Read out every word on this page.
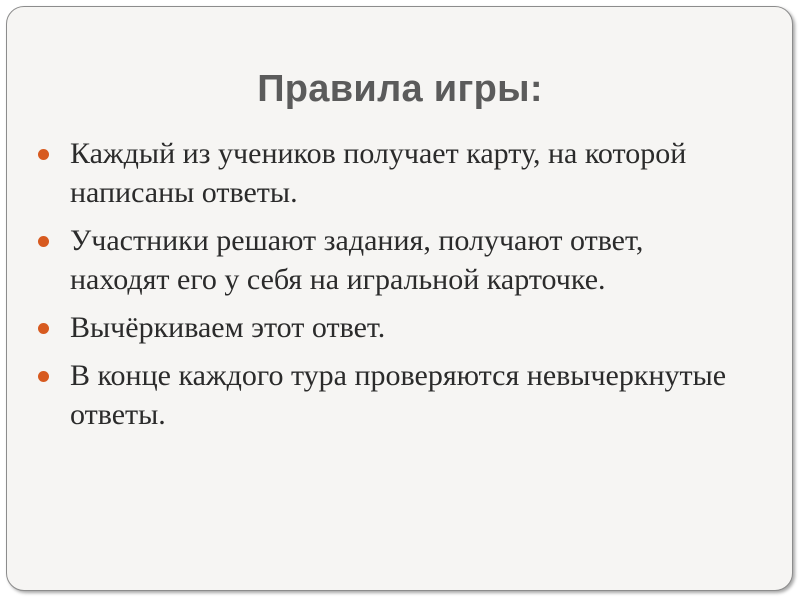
Правила игры:
Каждый из учеников получает карту, на которой написаны ответы.
Участники решают задания, получают ответ, находят его у себя на игральной карточке.
Вычёркиваем этот ответ.
В конце каждого тура проверяются невычеркнутые ответы.
